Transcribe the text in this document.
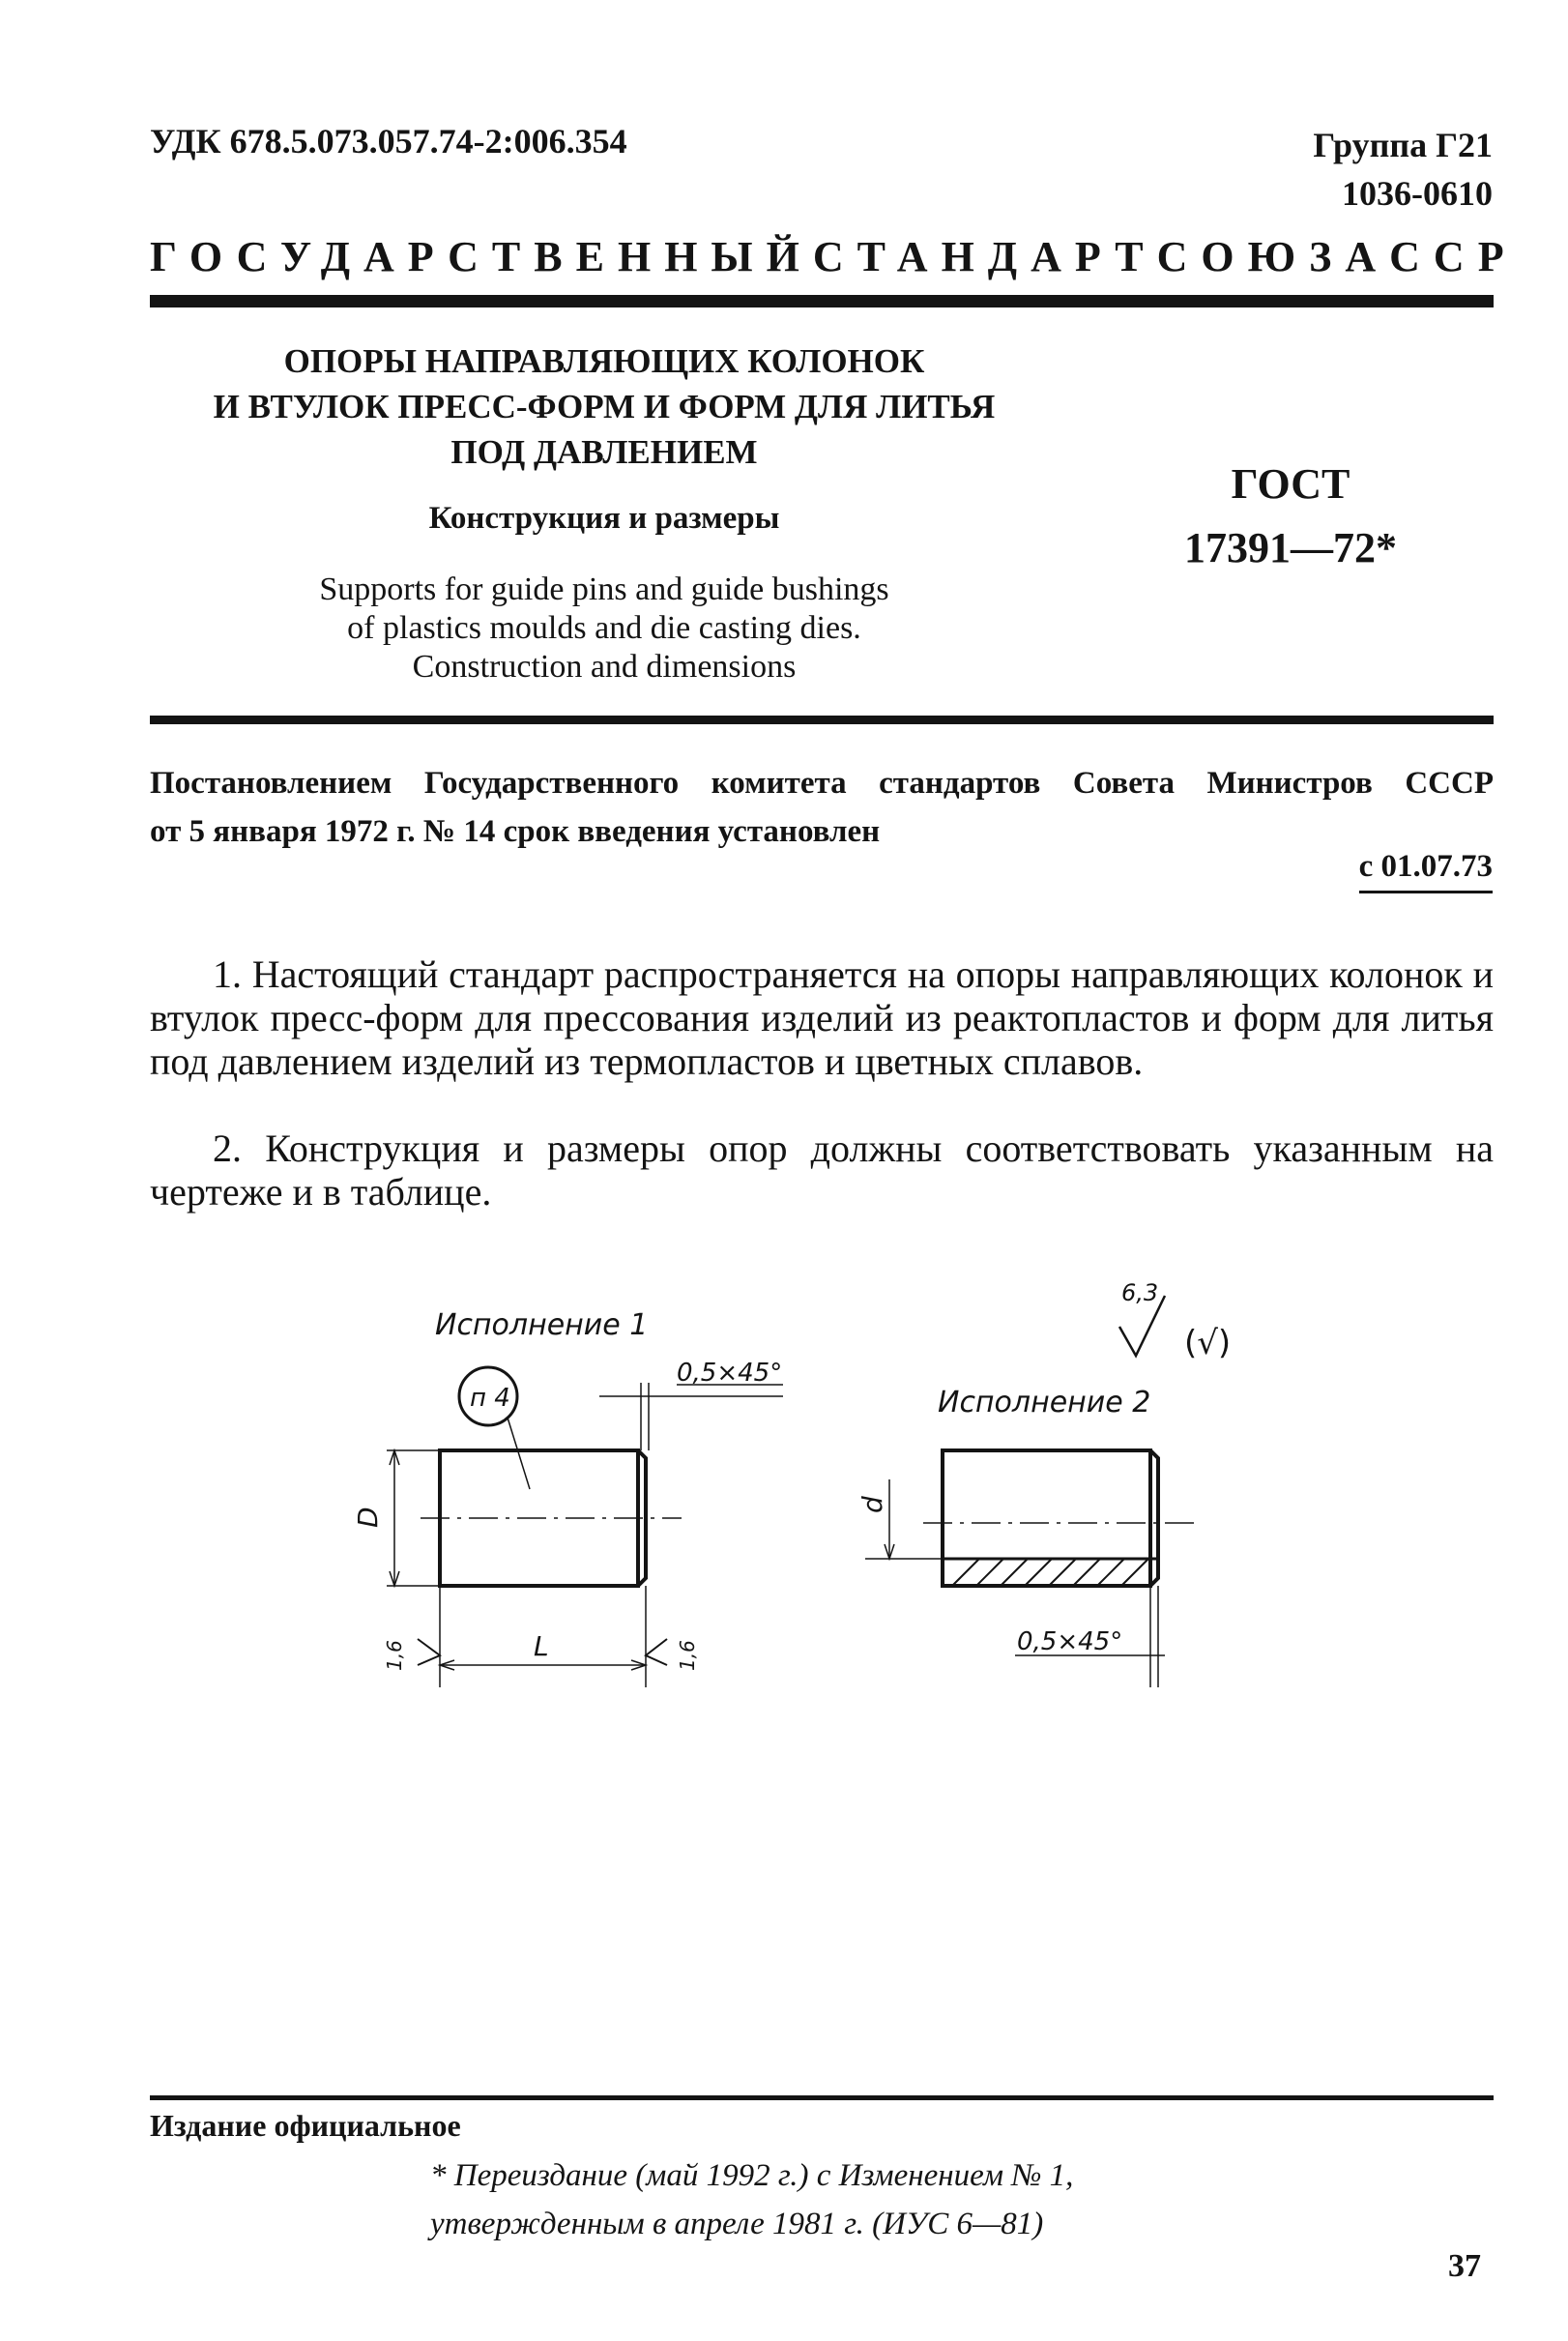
УДК 678.5.073.057.74-2:006.354	Группа Г21
1036-0610
ГОСУДАРСТВЕННЫЙ СТАНДАРТ СОЮЗА ССР
ОПОРЫ НАПРАВЛЯЮЩИХ КОЛОНОК
И ВТУЛОК ПРЕСС-ФОРМ И ФОРМ ДЛЯ ЛИТЬЯ
ПОД ДАВЛЕНИЕМ
Конструкция и размеры
Supports for guide pins and guide bushings
of plastics moulds and die casting dies.
Construction and dimensions
ГОСТ
17391—72*
Постановлением Государственного комитета стандартов Совета Министров СССР
от 5 января 1972 г. № 14 срок введения установлен
с 01.07.73
1. Настоящий стандарт распространяется на опоры направляющих колонок и втулок пресс-форм для прессования изделий из реактопластов и форм для литья под давлением изделий из термопластов и цветных сплавов.
2. Конструкция и размеры опор должны соответствовать указанным на чертеже и в таблице.
Исполнение 1
Исполнение 2
0,5×45°
0,5×45°
п 4
D
L
d
1,6	1,6
6,3
(√)
Издание официальное
* Переиздание (май 1992 г.) с Изменением № 1,
утвержденным в апреле 1981 г. (ИУС 6—81)
37
